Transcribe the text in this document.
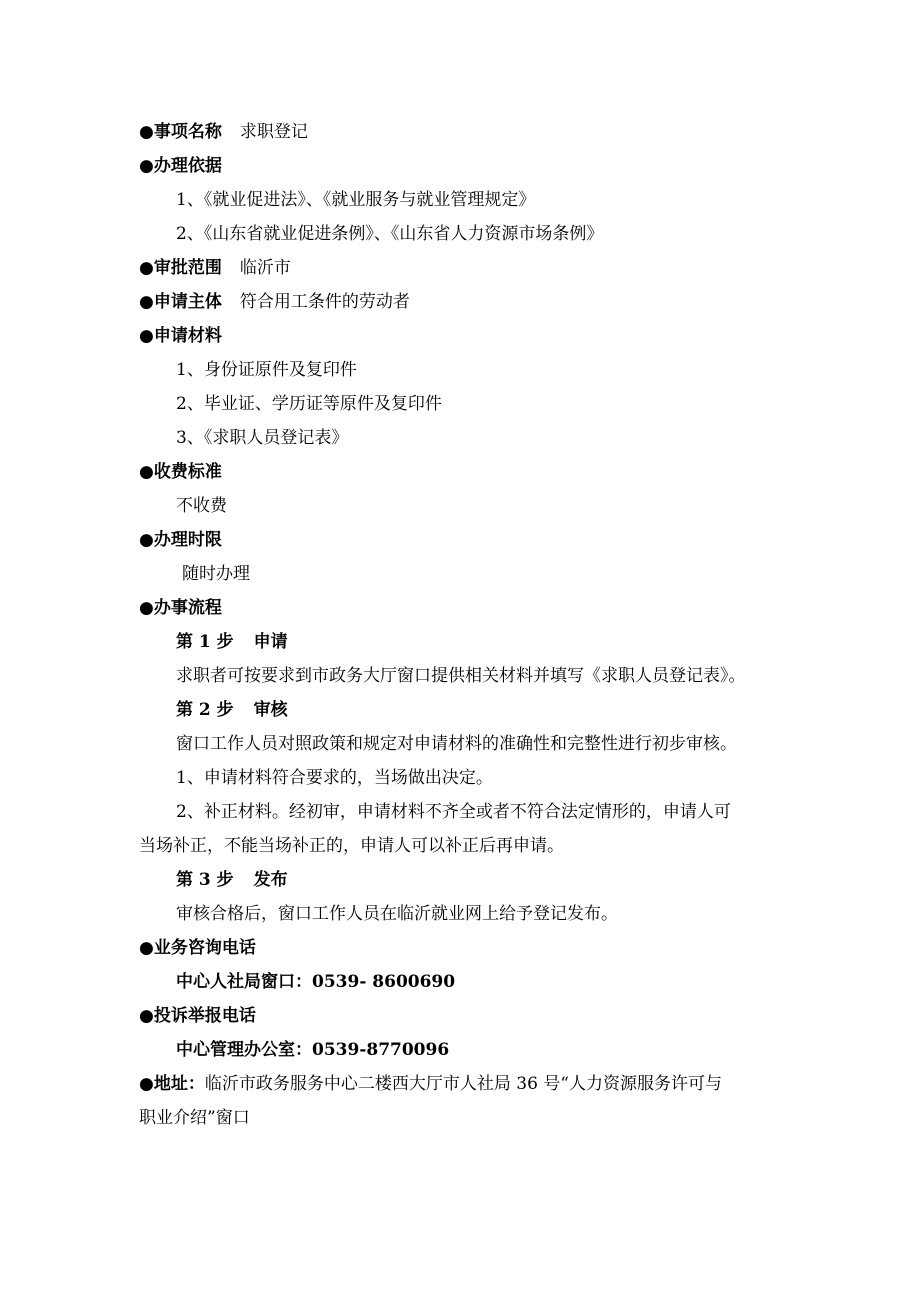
●事项名称 求职登记
●办理依据
1、《就业促进法》、《就业服务与就业管理规定》
2、《山东省就业促进条例》、《山东省人力资源市场条例》
●审批范围 临沂市
●申请主体 符合用工条件的劳动者
●申请材料
1、身份证原件及复印件
2、毕业证、学历证等原件及复印件
3、《求职人员登记表》
●收费标准
不收费
●办理时限
随时办理
●办事流程
第 1 步 申请
求职者可按要求到市政务大厅窗口提供相关材料并填写《求职人员登记表》。
第 2 步 审核
窗口工作人员对照政策和规定对申请材料的准确性和完整性进行初步审核。
1、申请材料符合要求的，当场做出决定。
2、补正材料。经初审，申请材料不齐全或者不符合法定情形的，申请人可
当场补正，不能当场补正的，申请人可以补正后再申请。
第 3 步 发布
审核合格后，窗口工作人员在临沂就业网上给予登记发布。
●业务咨询电话
中心人社局窗口：0539- 8600690
●投诉举报电话
中心管理办公室：0539-8770096
●地址：临沂市政务服务中心二楼西大厅市人社局 36 号“人力资源服务许可与
职业介绍”窗口
